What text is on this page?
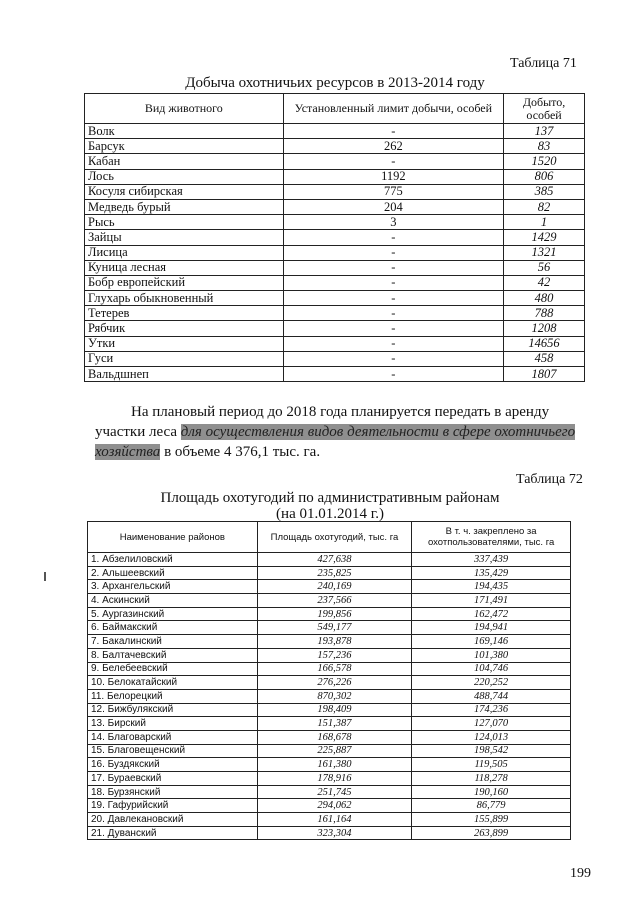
Таблица 71
Добыча охотничьих ресурсов в 2013-2014 году
Вид животного	Установленный лимит добычи, особей	Добыто, особей
Волк	-	137
Барсук	262	83
Кабан	-	1520
Лось	1192	806
Косуля сибирская	775	385
Медведь бурый	204	82
Рысь	3	1
Зайцы	-	1429
Лисица	-	1321
Куница лесная	-	56
Бобр европейский	-	42
Глухарь обыкновенный	-	480
Тетерев	-	788
Рябчик	-	1208
Утки	-	14656
Гуси	-	458
Вальдшнеп	-	1807
На плановый период до 2018 года планируется передать в аренду
участки леса для осуществления видов деятельности в сфере охотничьего
хозяйства в объеме 4 376,1 тыс. га.
Таблица 72
Площадь охотугодий по административным районам
(на 01.01.2014 г.)
Наименование районов	Площадь охотугодий, тыс. га	В т. ч. закреплено за охотпользователями, тыс. га
1. Абзелиловский	427,638	337,439
2. Альшеевский	235,825	135,429
3. Архангельский	240,169	194,435
4. Аскинский	237,566	171,491
5. Аургазинский	199,856	162,472
6. Баймакский	549,177	194,941
7. Бакалинский	193,878	169,146
8. Балтачевский	157,236	101,380
9. Белебеевский	166,578	104,746
10. Белокатайский	276,226	220,252
11. Белорецкий	870,302	488,744
12. Бижбулякский	198,409	174,236
13. Бирский	151,387	127,070
14. Благоварский	168,678	124,013
15. Благовещенский	225,887	198,542
16. Буздякский	161,380	119,505
17. Бураевский	178,916	118,278
18. Бурзянский	251,745	190,160
19. Гафурийский	294,062	86,779
20. Давлекановский	161,164	155,899
21. Дуванский	323,304	263,899
199
